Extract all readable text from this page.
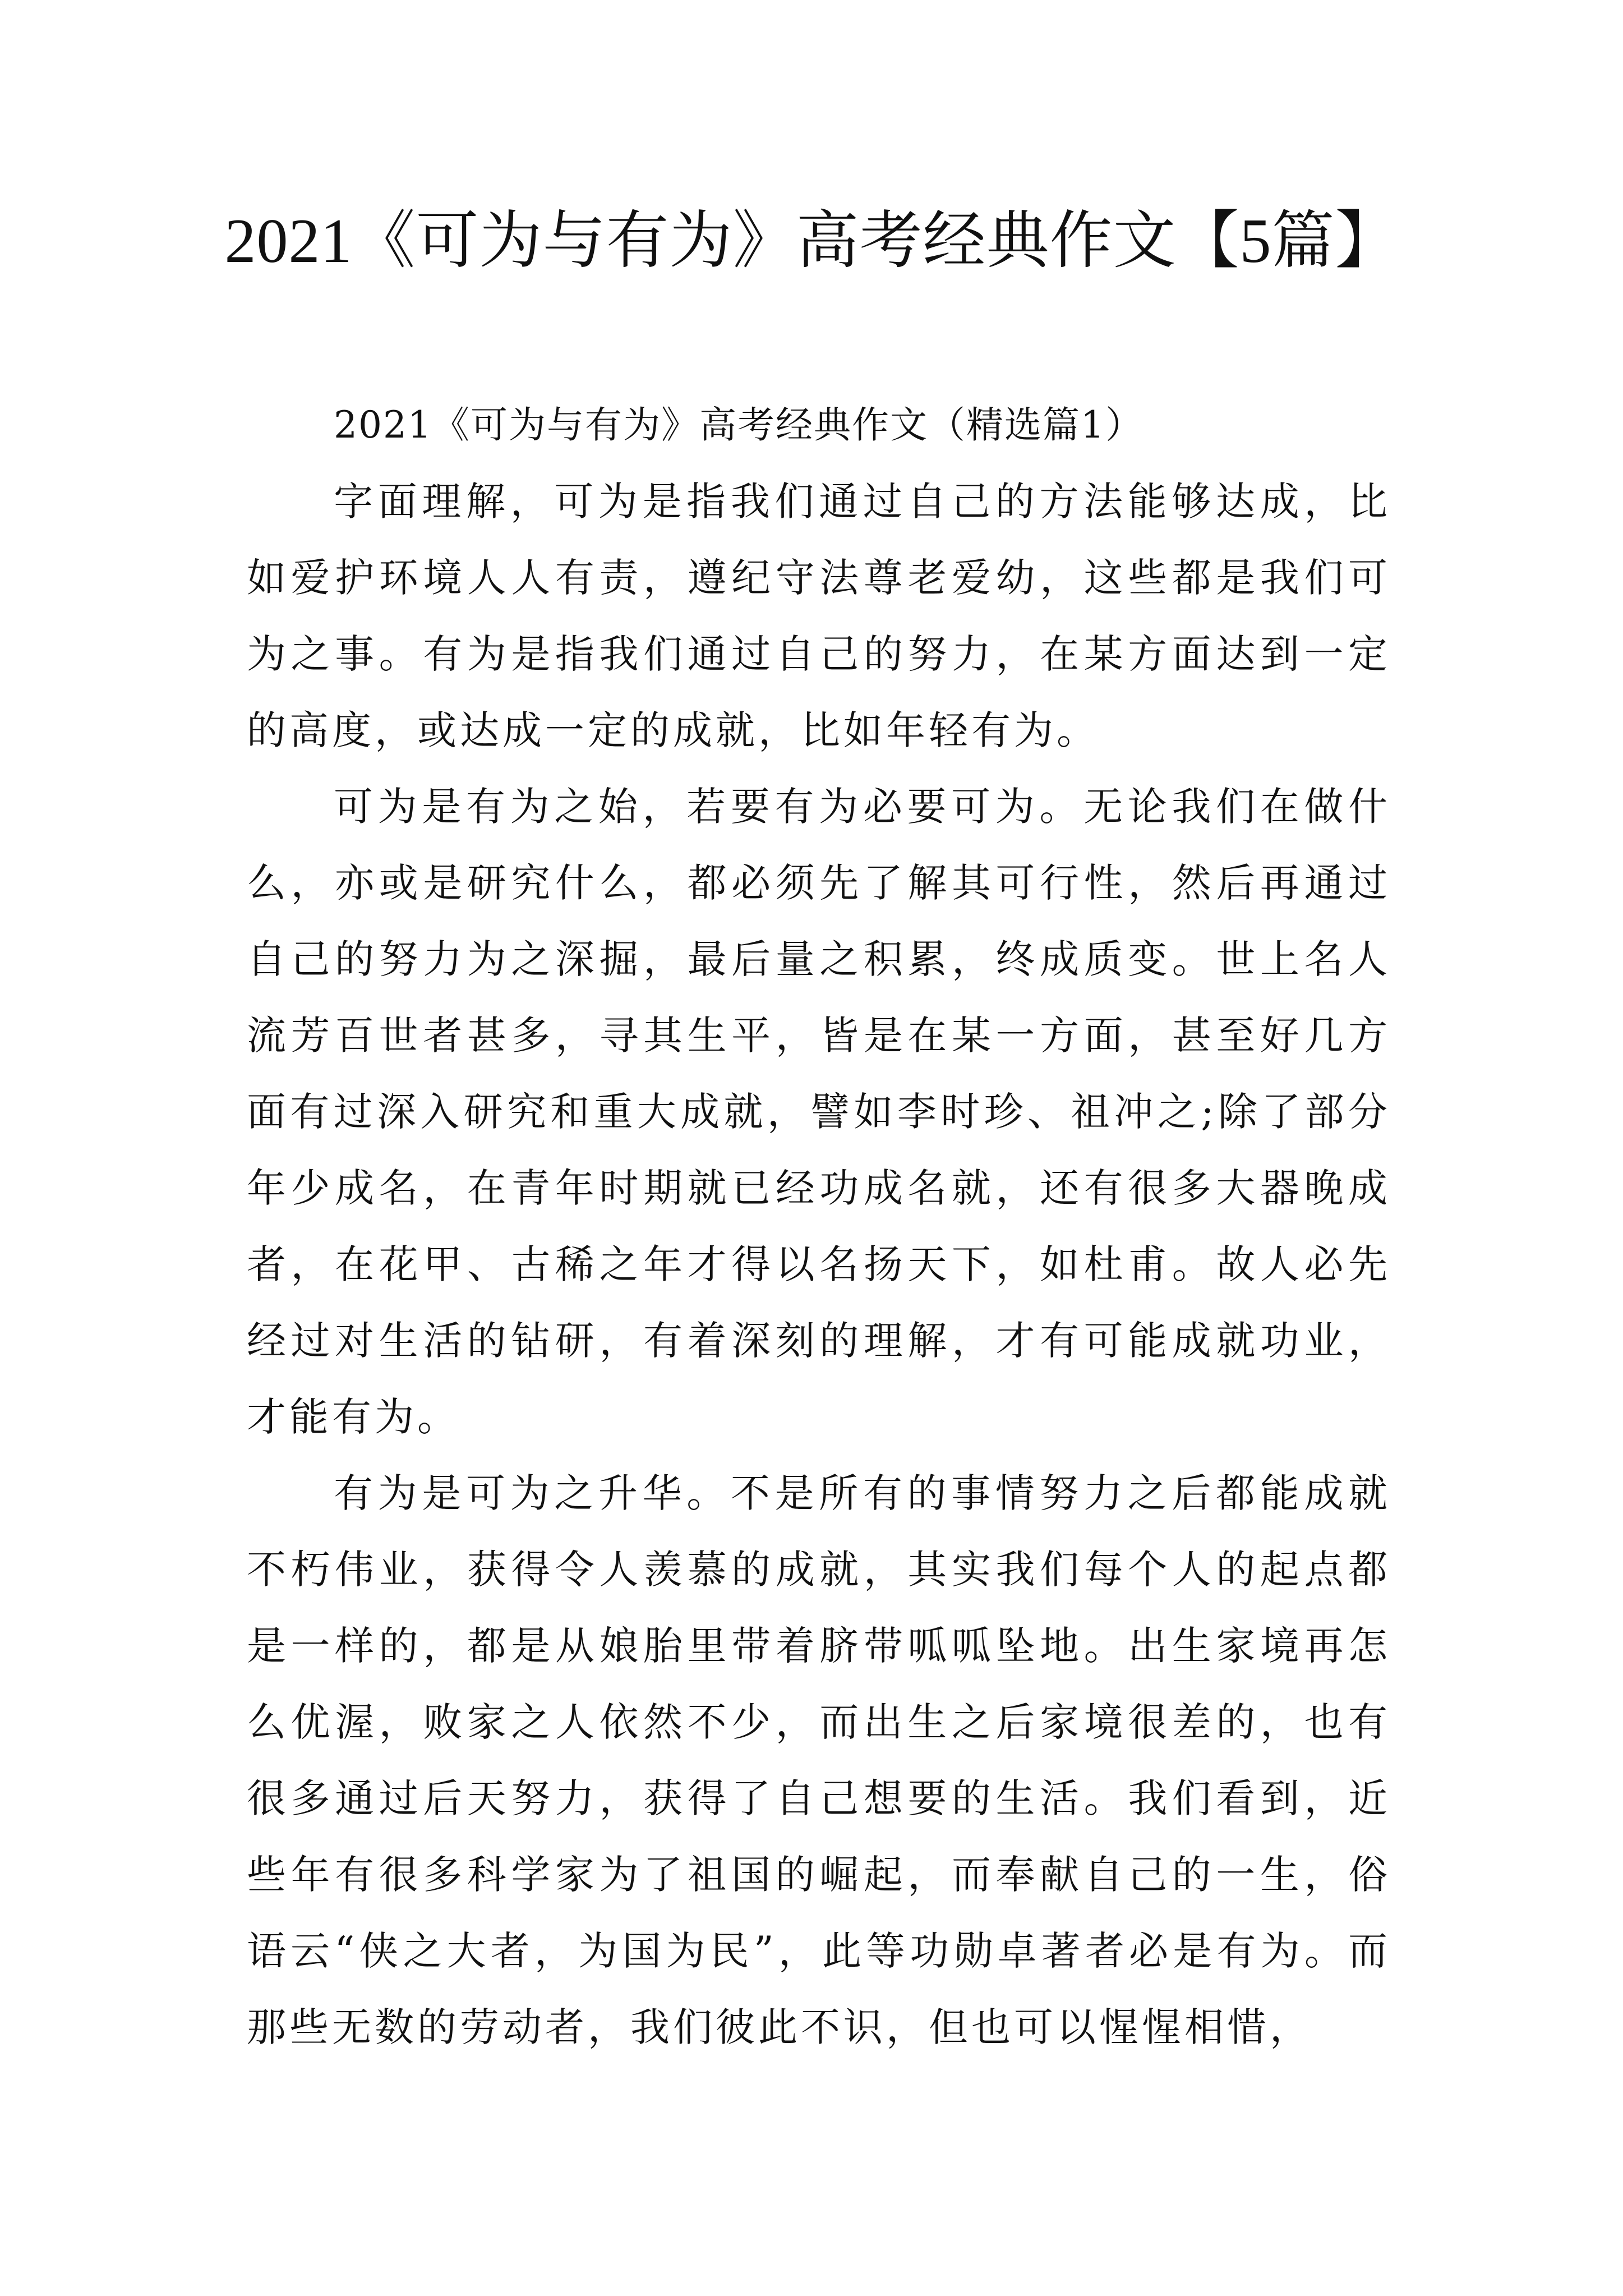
2021《可为与有为》高考经典作文【5篇】

2021《可为与有为》高考经典作文（精选篇1）

字面理解，可为是指我们通过自己的方法能够达成，比如爱护环境人人有责，遵纪守法尊老爱幼，这些都是我们可为之事。有为是指我们通过自己的努力，在某方面达到一定的高度，或达成一定的成就，比如年轻有为。

可为是有为之始，若要有为必要可为。无论我们在做什么，亦或是研究什么，都必须先了解其可行性，然后再通过自己的努力为之深掘，最后量之积累，终成质变。世上名人流芳百世者甚多，寻其生平，皆是在某一方面，甚至好几方面有过深入研究和重大成就，譬如李时珍、祖冲之;除了部分年少成名，在青年时期就已经功成名就，还有很多大器晚成者，在花甲、古稀之年才得以名扬天下，如杜甫。故人必先经过对生活的钻研，有着深刻的理解，才有可能成就功业，才能有为。

有为是可为之升华。不是所有的事情努力之后都能成就不朽伟业，获得令人羡慕的成就，其实我们每个人的起点都是一样的，都是从娘胎里带着脐带呱呱坠地。出生家境再怎么优渥，败家之人依然不少，而出生之后家境很差的，也有很多通过后天努力，获得了自己想要的生活。我们看到，近些年有很多科学家为了祖国的崛起，而奉献自己的一生，俗语云“侠之大者，为国为民”，此等功勋卓著者必是有为。而那些无数的劳动者，我们彼此不识，但也可以惺惺相惜，
